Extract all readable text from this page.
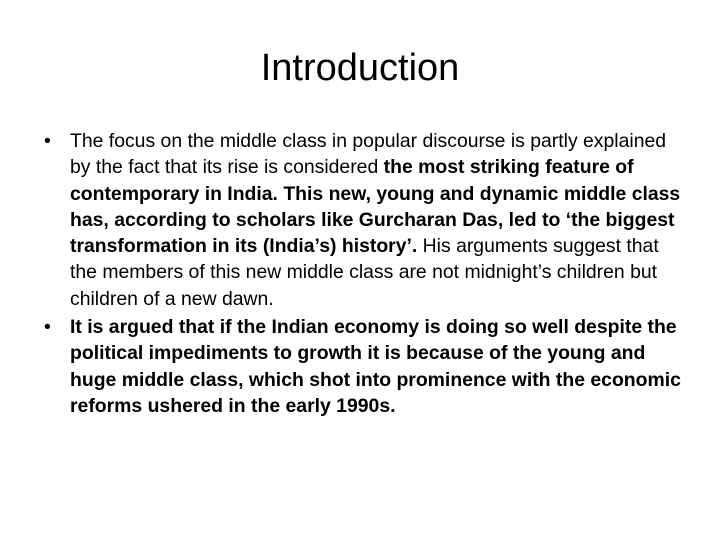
Introduction
• The focus on the middle class in popular discourse is partly explained by the fact that its rise is considered the most striking feature of contemporary in India. This new, young and dynamic middle class has, according to scholars like Gurcharan Das, led to ‘the biggest transformation in its (India’s) history’. His arguments suggest that the members of this new middle class are not midnight’s children but children of a new dawn.
• It is argued that if the Indian economy is doing so well despite the political impediments to growth it is because of the young and huge middle class, which shot into prominence with the economic reforms ushered in the early 1990s.
